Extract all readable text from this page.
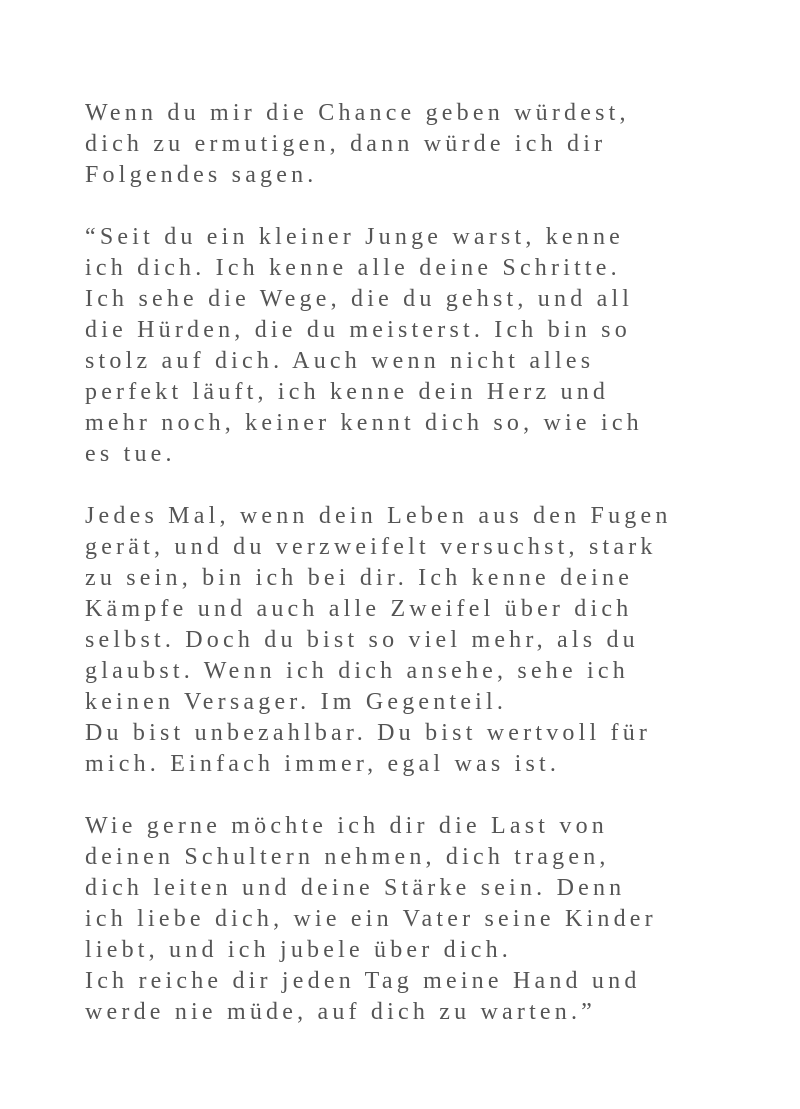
Wenn du mir die Chance geben würdest,
dich zu ermutigen, dann würde ich dir
Folgendes sagen.

“Seit du ein kleiner Junge warst, kenne
ich dich. Ich kenne alle deine Schritte.
Ich sehe die Wege, die du gehst, und all
die Hürden, die du meisterst. Ich bin so
stolz auf dich. Auch wenn nicht alles
perfekt läuft, ich kenne dein Herz und
mehr noch, keiner kennt dich so, wie ich
es tue.

Jedes Mal, wenn dein Leben aus den Fugen
gerät, und du verzweifelt versuchst, stark
zu sein, bin ich bei dir. Ich kenne deine
Kämpfe und auch alle Zweifel über dich
selbst. Doch du bist so viel mehr, als du
glaubst. Wenn ich dich ansehe, sehe ich
keinen Versager. Im Gegenteil.
Du bist unbezahlbar. Du bist wertvoll für
mich. Einfach immer, egal was ist.

Wie gerne möchte ich dir die Last von
deinen Schultern nehmen, dich tragen,
dich leiten und deine Stärke sein. Denn
ich liebe dich, wie ein Vater seine Kinder
liebt, und ich jubele über dich.
Ich reiche dir jeden Tag meine Hand und
werde nie müde, auf dich zu warten.”
